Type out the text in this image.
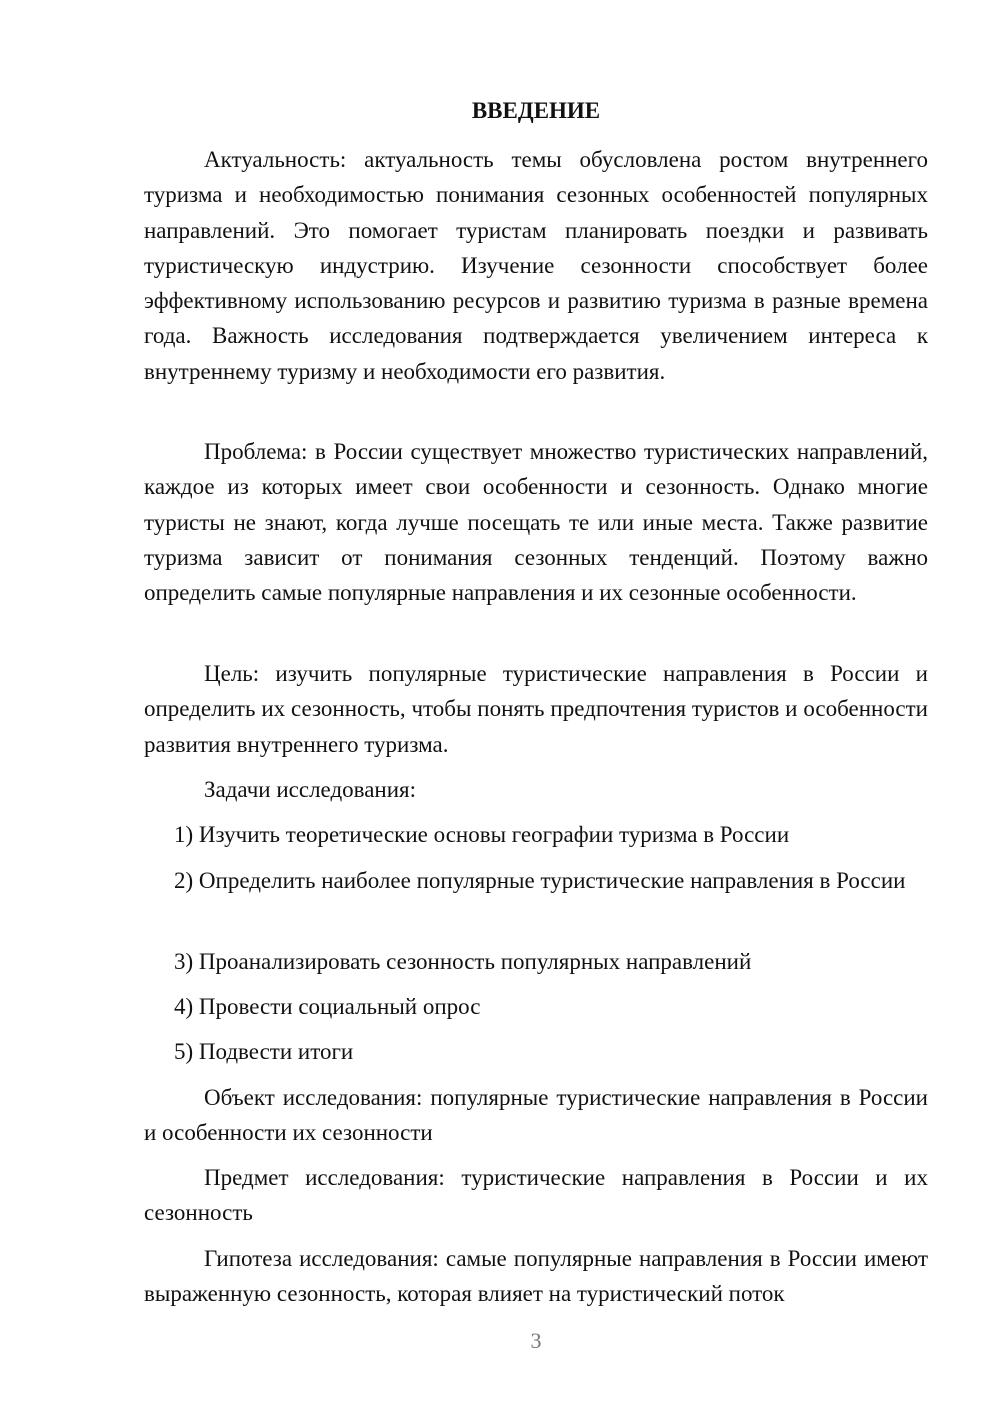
ВВЕДЕНИЕ

Актуальность: актуальность темы обусловлена ростом внутреннего туризма и необходимостью понимания сезонных особенностей популярных направлений. Это помогает туристам планировать поездки и развивать туристическую индустрию. Изучение сезонности способствует более эффективному использованию ресурсов и развитию туризма в разные времена года. Важность исследования подтверждается увеличением интереса к внутреннему туризму и необходимости его развития.

Проблема: в России существует множество туристических направлений, каждое из которых имеет свои особенности и сезонность. Однако многие туристы не знают, когда лучше посещать те или иные места. Также развитие туризма зависит от понимания сезонных тенденций. Поэтому важно определить самые популярные направления и их сезонные особенности.

Цель: изучить популярные туристические направления в России и определить их сезонность, чтобы понять предпочтения туристов и особенности развития внутреннего туризма.

Задачи исследования:

1) Изучить теоретические основы географии туризма в России

2) Определить наиболее популярные туристические направления в России

3) Проанализировать сезонность популярных направлений

4) Провести социальный опрос

5) Подвести итоги

Объект исследования: популярные туристические направления в России и особенности их сезонности

Предмет исследования: туристические направления в России и их сезонность

Гипотеза исследования: самые популярные направления в России имеют выраженную сезонность, которая влияет на туристический поток

3
